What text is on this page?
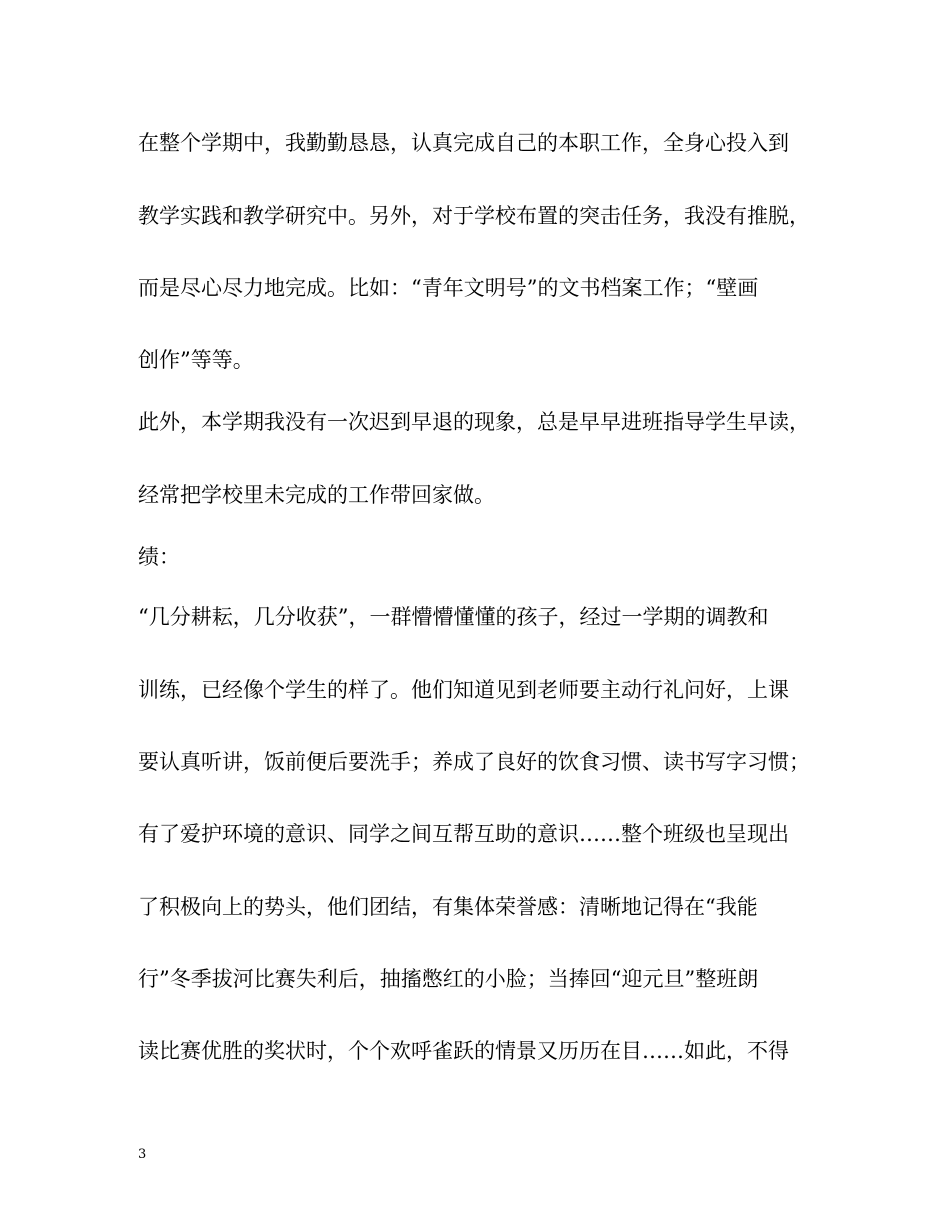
在整个学期中，我勤勤恳恳，认真完成自己的本职工作，全身心投入到
教学实践和教学研究中。另外，对于学校布置的突击任务，我没有推脱，
而是尽心尽力地完成。比如：“青年文明号”的文书档案工作；“壁画
创作”等等。
此外，本学期我没有一次迟到早退的现象，总是早早进班指导学生早读，
经常把学校里未完成的工作带回家做。
绩：
“几分耕耘，几分收获”，一群懵懵懂懂的孩子，经过一学期的调教和
训练，已经像个学生的样了。他们知道见到老师要主动行礼问好，上课
要认真听讲，饭前便后要洗手；养成了良好的饮食习惯、读书写字习惯；
有了爱护环境的意识、同学之间互帮互助的意识……整个班级也呈现出
了积极向上的势头，他们团结，有集体荣誉感：清晰地记得在“我能
行”冬季拔河比赛失利后，抽搐憋红的小脸；当捧回“迎元旦”整班朗
读比赛优胜的奖状时，个个欢呼雀跃的情景又历历在目……如此，不得
3
